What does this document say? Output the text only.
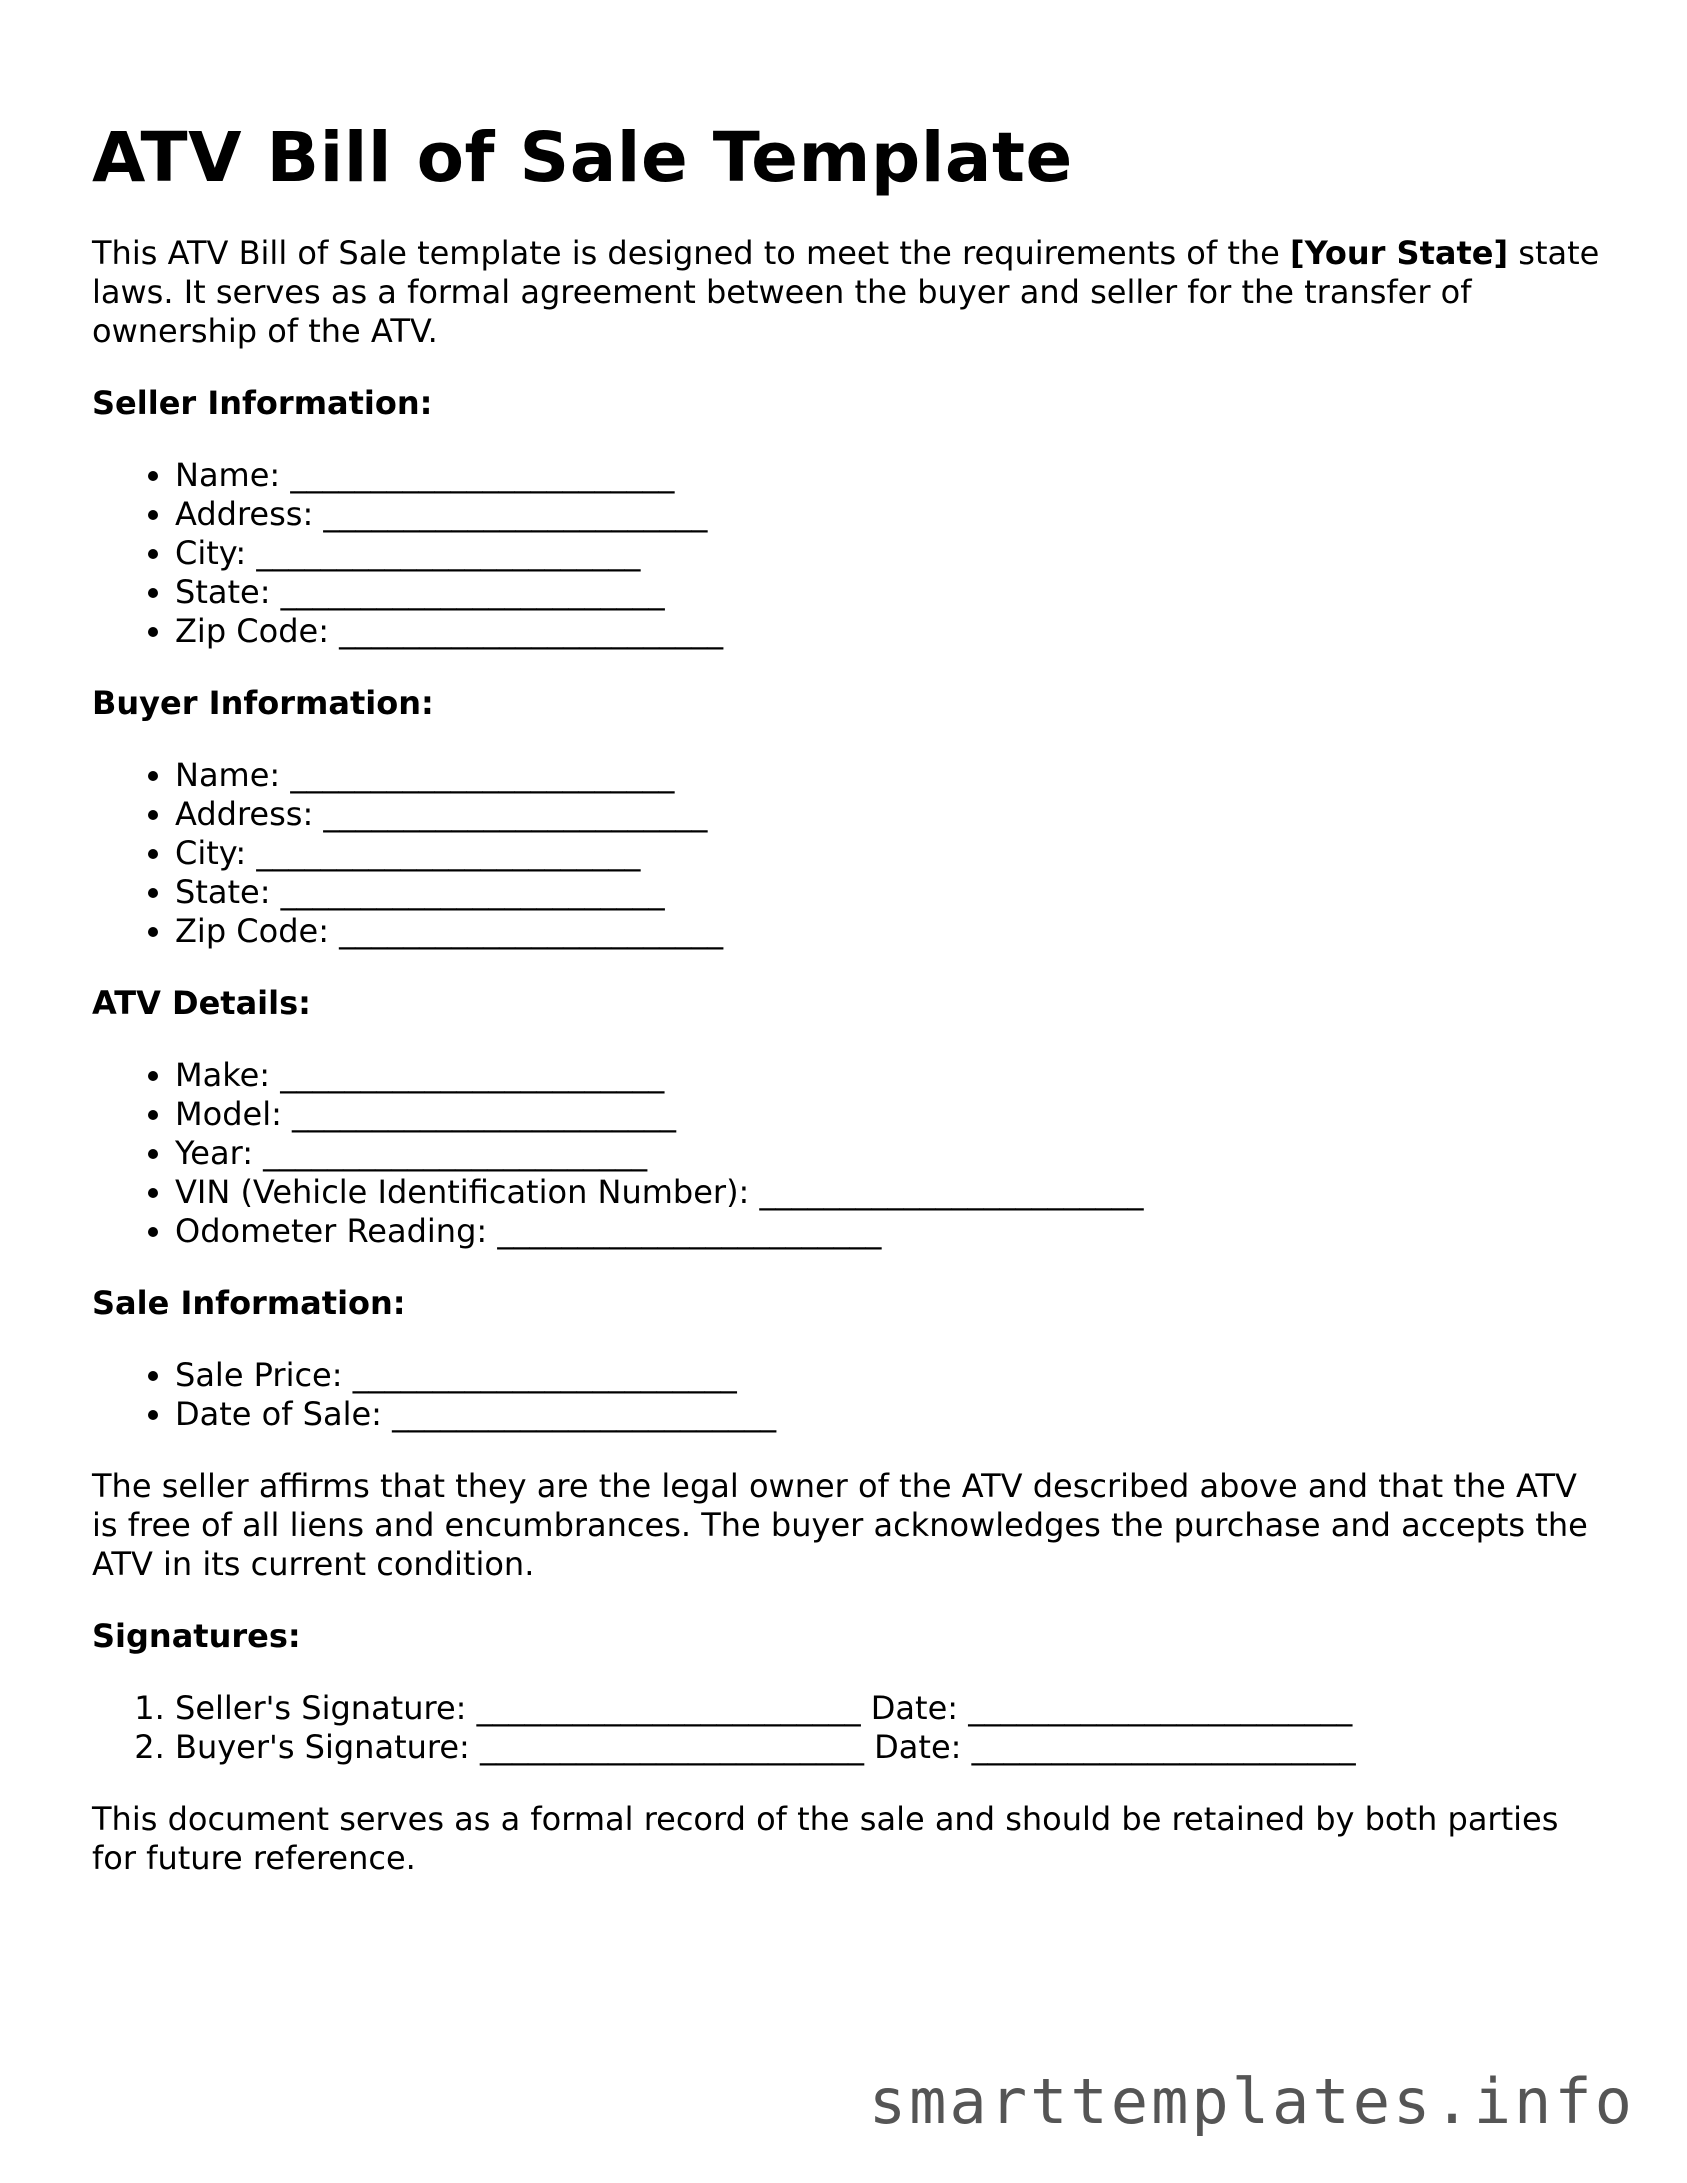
ATV Bill of Sale Template

This ATV Bill of Sale template is designed to meet the requirements of the [Your State] state laws. It serves as a formal agreement between the buyer and seller for the transfer of ownership of the ATV.

Seller Information:
• Name: ________________________
• Address: ________________________
• City: ________________________
• State: ________________________
• Zip Code: ________________________
Buyer Information:
• Name: ________________________
• Address: ________________________
• City: ________________________
• State: ________________________
• Zip Code: ________________________
ATV Details:
• Make: ________________________
• Model: ________________________
• Year: ________________________
• VIN (Vehicle Identification Number): ________________________
• Odometer Reading: ________________________
Sale Information:
• Sale Price: ________________________
• Date of Sale: ________________________

The seller affirms that they are the legal owner of the ATV described above and that the ATV is free of all liens and encumbrances. The buyer acknowledges the purchase and accepts the ATV in its current condition.

Signatures:
1. Seller's Signature: ________________________ Date: ________________________
2. Buyer's Signature: ________________________ Date: ________________________

This document serves as a formal record of the sale and should be retained by both parties for future reference.

smarttemplates.info
